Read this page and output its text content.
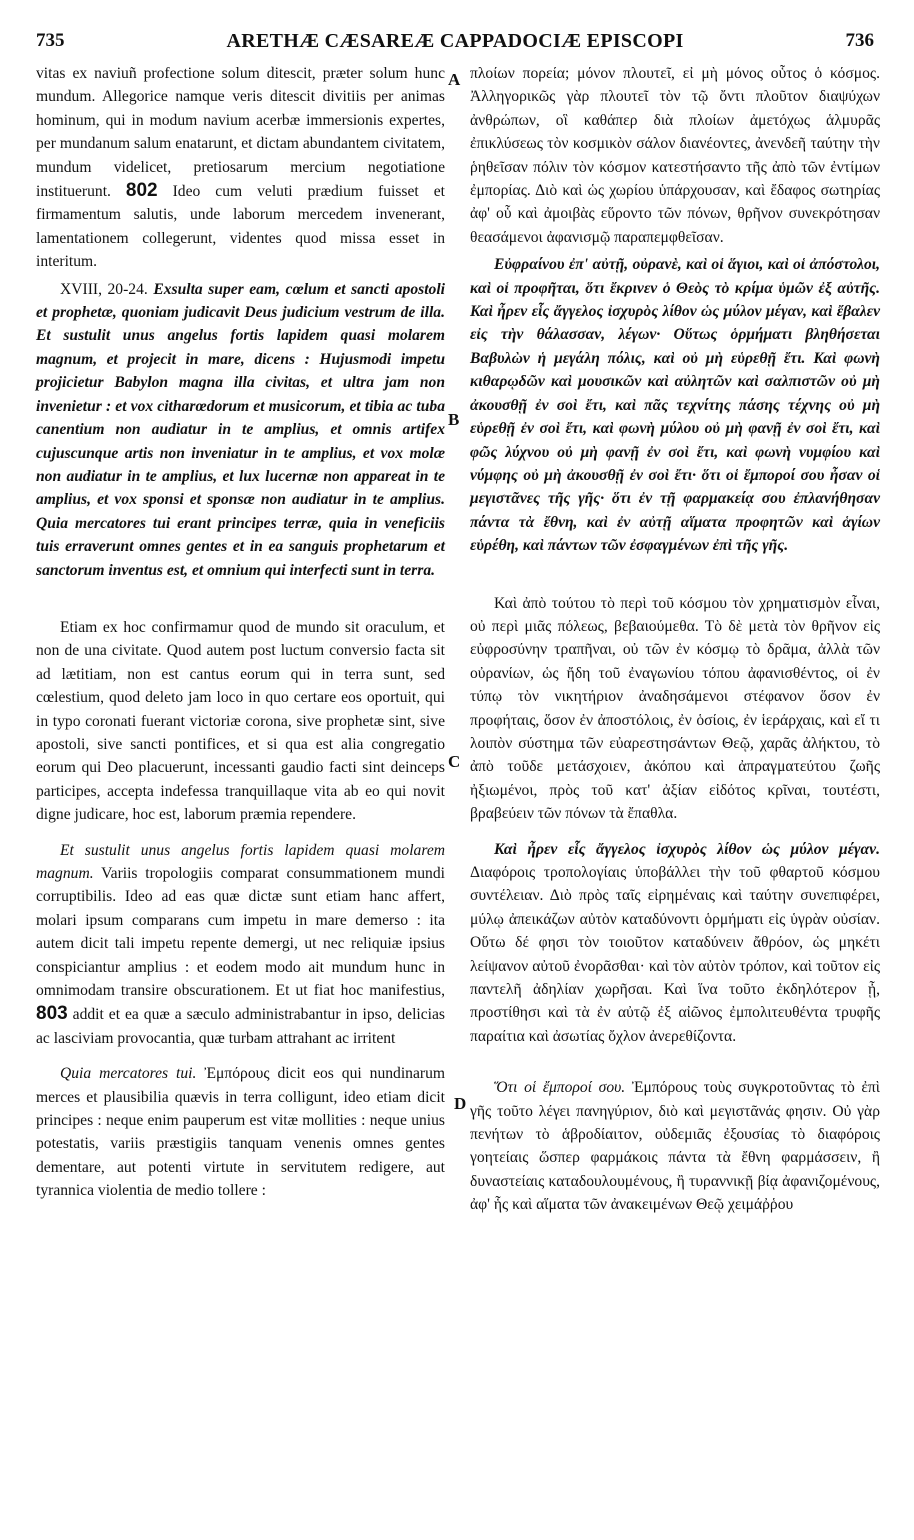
735	ARETHÆ CÆSAREÆ CAPPADOCIÆ EPISCOPI	736
A
B
C
D

vitas ex naviuñ profectione solum ditescit, præter solum hunc mundum. Allegorice namque veris ditescit divitiis per animas hominum, qui in modum navium acerbæ immersionis expertes, per mundanum salum enatarunt, et dictam abundantem civitatem, mundum videlicet, pretiosarum mercium negotiatione instituerunt. 802 Ideo cum veluti prædium fuisset et firmamentum salutis, unde laborum mercedem invenerant, lamentationem collegerunt, videntes quod missa esset in interitum.

XVIII, 20-24. Exsulta super eam, cœlum et sancti apostoli et prophetæ, quoniam judicavit Deus judicium vestrum de illa. Et sustulit unus angelus fortis lapidem quasi molarem magnum, et projecit in mare, dicens : Hujusmodi impetu projicietur Babylon magna illa civitas, et ultra jam non invenietur : et vox citharœdorum et musicorum, et tibia ac tuba canentium non audiatur in te amplius, et omnis artifex cujuscunque artis non inveniatur in te amplius, et vox molæ non audiatur in te amplius, et lux lucernæ non appareat in te amplius, et vox sponsi et sponsæ non audiatur in te amplius. Quia mercatores tui erant principes terræ, quia in veneficiis tuis erraverunt omnes gentes et in ea sanguis prophetarum et sanctorum inventus est, et omnium qui interfecti sunt in terra.

Etiam ex hoc confirmamur quod de mundo sit oraculum, et non de una civitate. Quod autem post luctum conversio facta sit ad lætitiam, non est cantus eorum qui in terra sunt, sed cœlestium, quod deleto jam loco in quo certare eos oportuit, qui in typo coronati fuerant victoriæ corona, sive prophetæ sint, sive apostoli, sive sancti pontifices, et si qua est alia congregatio eorum qui Deo placuerunt, incessanti gaudio facti sint deinceps participes, accepta indefessa tranquillaque vita ab eo qui novit digne judicare, hoc est, laborum præmia rependere.

Et sustulit unus angelus fortis lapidem quasi molarem magnum. Variis tropologiis comparat consummationem mundi corruptibilis. Ideo ad eas quæ dictæ sunt etiam hanc affert, molari ipsum comparans cum impetu in mare demerso : ita autem dicit tali impetu repente demergi, ut nec reliquiæ ipsius conspiciantur amplius : et eodem modo ait mundum hunc in omnimodam transire obscurationem. Et ut fiat hoc manifestius, 803 addit et ea quæ a sæculo administrabantur in ipso, delicias ac lasciviam provocantia, quæ turbam attrahant ac irritent

Quia mercatores tui. Ἐμπόρους dicit eos qui nundinarum merces et plausibilia quævis in terra colligunt, ideo etiam dicit principes : neque enim pauperum est vitæ mollities : neque unius potestatis, variis præstigiis tanquam venenis omnes gentes dementare, aut potenti virtute in servitutem redigere, aut tyrannica violentia de medio tollere :

πλοίων πορεία; μόνον πλουτεῖ, εἰ μὴ μόνος οὗτος ὁ κόσμος. Ἀλληγορικῶς γὰρ πλουτεῖ τὸν τῷ ὄντι πλοῦτον διαψύχων ἀνθρώπων, οἳ καθάπερ διὰ πλοίων ἀμετόχως ἁλμυρᾶς ἐπικλύσεως τὸν κοσμικὸν σάλον διανέοντες, ἀνενδεῆ ταύτην τὴν ῥηθεῖσαν πόλιν τὸν κόσμον κατεστήσαντο τῆς ἀπὸ τῶν ἐντίμων ἐμπορίας. Διὸ καὶ ὡς χωρίου ὑπάρχουσαν, καὶ ἔδαφος σωτηρίας ἀφ' οὗ καὶ ἀμοιβὰς εὕροντο τῶν πόνων, θρῆνον συνεκρότησαν θεασάμενοι ἀφανισμῷ παραπεμφθεῖσαν.

Εὐφραίνου ἐπ' αὐτῇ, οὐρανὲ, καὶ οἱ ἅγιοι, καὶ οἱ ἀπόστολοι, καὶ οἱ προφῆται, ὅτι ἔκρινεν ὁ Θεὸς τὸ κρίμα ὑμῶν ἐξ αὐτῆς. Καὶ ἦρεν εἷς ἄγγελος ἰσχυρὸς λίθον ὡς μύλον μέγαν, καὶ ἔβαλεν εἰς τὴν θάλασσαν, λέγων· Οὕτως ὁρμήματι βληθήσεται Βαβυλὼν ἡ μεγάλη πόλις, καὶ οὐ μὴ εὑρεθῇ ἔτι. Καὶ φωνὴ κιθαρῳδῶν καὶ μουσικῶν καὶ αὐλητῶν καὶ σαλπιστῶν οὐ μὴ ἀκουσθῇ ἐν σοὶ ἔτι, καὶ πᾶς τεχνίτης πάσης τέχνης οὐ μὴ εὑρεθῇ ἐν σοὶ ἔτι, καὶ φωνὴ μύλου οὐ μὴ φανῇ ἐν σοὶ ἔτι, καὶ φῶς λύχνου οὐ μὴ φανῇ ἐν σοὶ ἔτι, καὶ φωνὴ νυμφίου καὶ νύμφης οὐ μὴ ἀκουσθῇ ἐν σοὶ ἔτι· ὅτι οἱ ἔμποροί σου ἦσαν οἱ μεγιστᾶνες τῆς γῆς· ὅτι ἐν τῇ φαρμακείᾳ σου ἐπλανήθησαν πάντα τὰ ἔθνη, καὶ ἐν αὐτῇ αἵματα προφητῶν καὶ ἁγίων εὑρέθη, καὶ πάντων τῶν ἐσφαγμένων ἐπὶ τῆς γῆς.

Καὶ ἀπὸ τούτου τὸ περὶ τοῦ κόσμου τὸν χρηματισμὸν εἶναι, οὐ περὶ μιᾶς πόλεως, βεβαιούμεθα. Τὸ δὲ μετὰ τὸν θρῆνον εἰς εὐφροσύνην τραπῆναι, οὐ τῶν ἐν κόσμῳ τὸ δρᾶμα, ἀλλὰ τῶν οὐρανίων, ὡς ἤδη τοῦ ἐναγωνίου τόπου ἀφανισθέντος, οἱ ἐν τύπῳ τὸν νικητήριον ἀναδησάμενοι στέφανον ὅσον ἐν προφήταις, ὅσον ἐν ἀποστόλοις, ἐν ὁσίοις, ἐν ἱεράρχαις, καὶ εἴ τι λοιπὸν σύστημα τῶν εὐαρεστησάντων Θεῷ, χαρᾶς ἀλήκτου, τὸ ἀπὸ τοῦδε μετάσχοιεν, ἀκόπου καὶ ἀπραγματεύτου ζωῆς ἠξιωμένοι, πρὸς τοῦ κατ' ἀξίαν εἰδότος κρῖναι, τουτέστι, βραβεύειν τῶν πόνων τὰ ἔπαθλα.

Καὶ ἦρεν εἷς ἄγγελος ἰσχυρὸς λίθον ὡς μύλον μέγαν. Διαφόροις τροπολογίαις ὑποβάλλει τὴν τοῦ φθαρτοῦ κόσμου συντέλειαν. Διὸ πρὸς ταῖς εἰρημέναις καὶ ταύτην συνεπιφέρει, μύλῳ ἀπεικάζων αὐτὸν καταδύνοντι ὁρμήματι εἰς ὑγρὰν οὐσίαν. Οὕτω δέ φησι τὸν τοιοῦτον καταδύνειν ἄθρόον, ὡς μηκέτι λείψανον αὐτοῦ ἐνορᾶσθαι· καὶ τὸν αὐτὸν τρόπον, καὶ τοῦτον εἰς παντελῆ ἀδηλίαν χωρῆσαι. Καὶ ἵνα τοῦτο ἐκδηλότερον ᾖ, προστίθησι καὶ τὰ ἐν αὐτῷ ἐξ αἰῶνος ἐμπολιτευθέντα τρυφῆς παραίτια καὶ ἀσωτίας ὄχλον ἀνερεθίζοντα.

Ὅτι οἱ ἔμποροί σου. Ἐμπόρους τοὺς συγκροτοῦντας τὸ ἐπὶ γῆς τοῦτο λέγει πανηγύριον, διὸ καὶ μεγιστᾶνάς φησιν. Οὐ γὰρ πενήτων τὸ ἁβροδίαιτον, οὐδεμιᾶς ἐξουσίας τὸ διαφόροις γοητείαις ὥσπερ φαρμάκοις πάντα τὰ ἔθνη φαρμάσσειν, ἢ δυναστείαις καταδουλουμένους, ἢ τυραννικῇ βίᾳ ἀφανιζομένους, ἀφ' ἧς καὶ αἵματα τῶν ἀνακειμένων Θεῷ χειμάῤῥου
